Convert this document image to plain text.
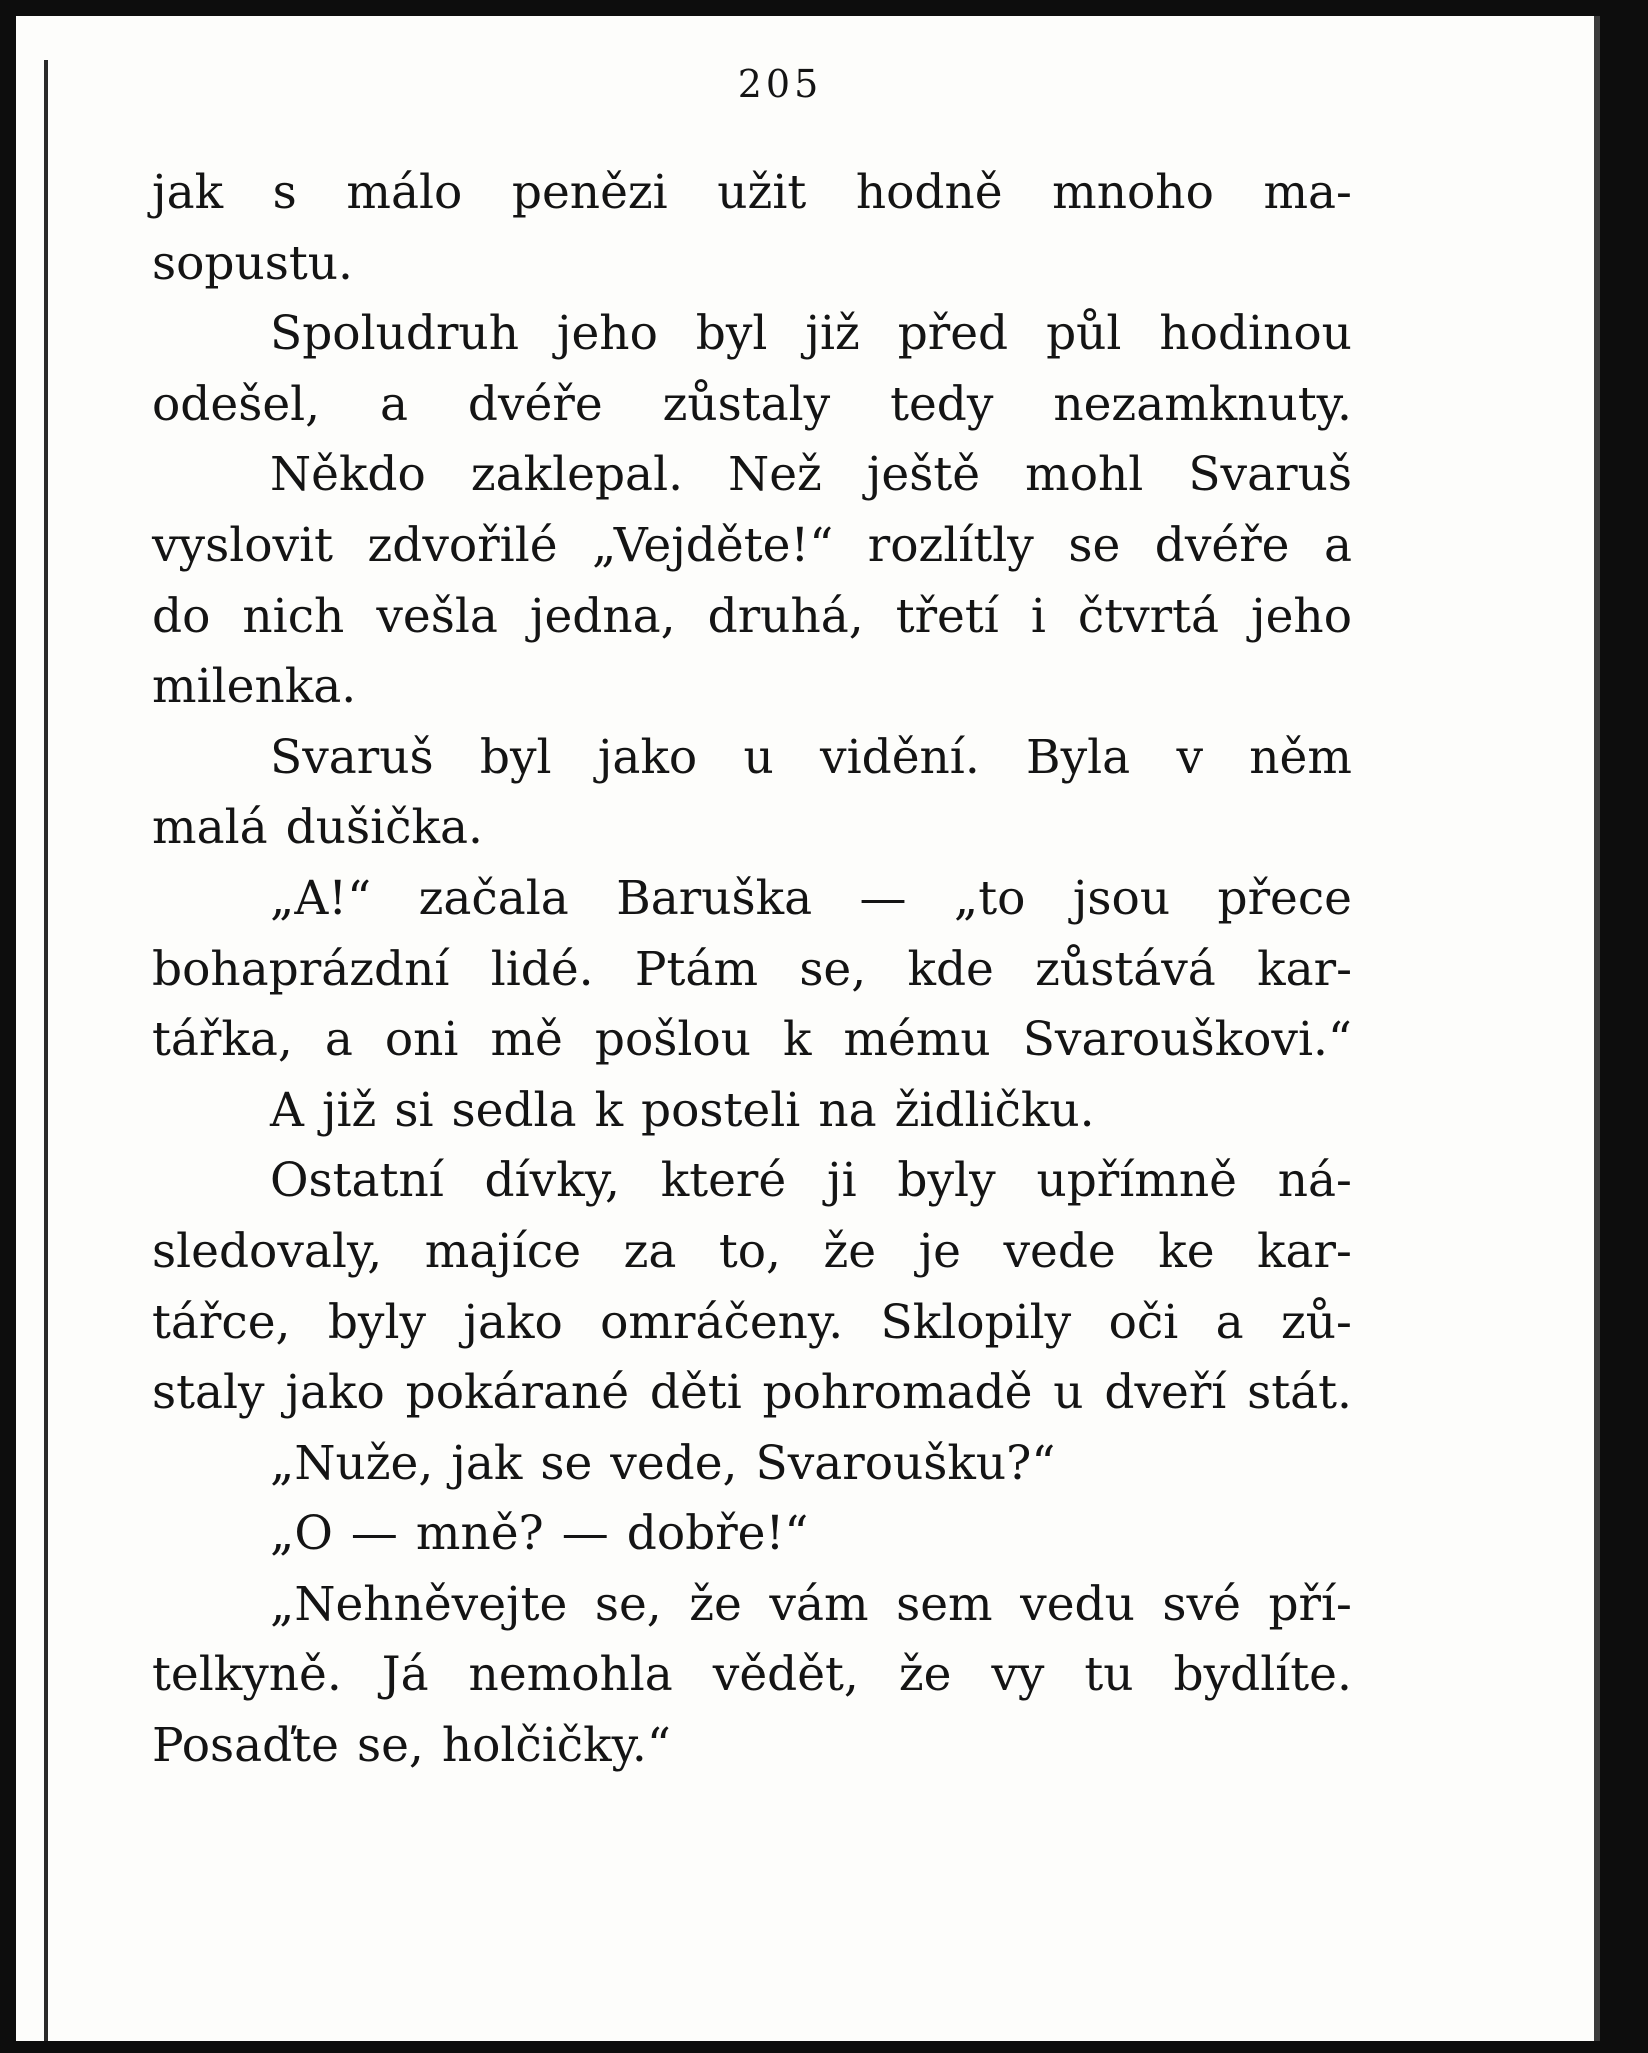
205
jak s málo penězi užit hodně mnoho ma-
sopustu.
Spoludruh jeho byl již před půl hodinou
odešel, a dvéře zůstaly tedy nezamknuty.
Někdo zaklepal. Než ještě mohl Svaruš
vyslovit zdvořilé „Vejděte!“ rozlítly se dvéře a
do nich vešla jedna, druhá, třetí i čtvrtá jeho
milenka.
Svaruš byl jako u vidění. Byla v něm
malá dušička.
„A!“ začala Baruška — „to jsou přece
bohaprázdní lidé. Ptám se, kde zůstává kar-
tářka, a oni mě pošlou k mému Svarouškovi.“
A již si sedla k posteli na židličku.
Ostatní dívky, které ji byly upřímně ná-
sledovaly, majíce za to, že je vede ke kar-
tářce, byly jako omráčeny. Sklopily oči a zů-
staly jako pokárané děti pohromadě u dveří stát.
„Nuže, jak se vede, Svaroušku?“
„O — mně? — dobře!“
„Nehněvejte se, že vám sem vedu své pří-
telkyně. Já nemohla vědět, že vy tu bydlíte.
Posaďte se, holčičky.“
